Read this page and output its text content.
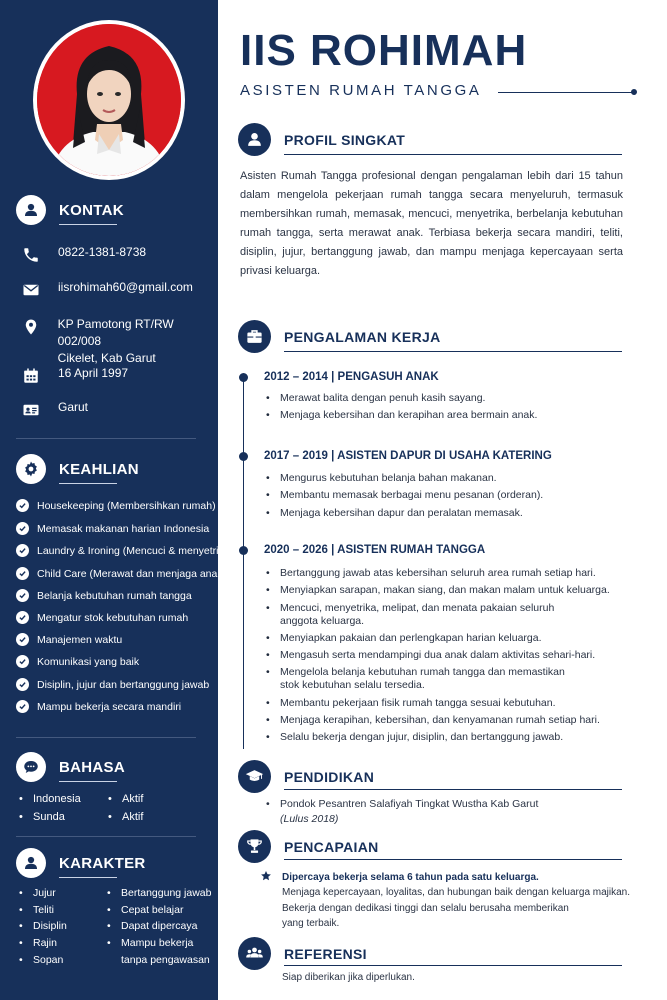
KONTAK
0822-1381-8738
iisrohimah60@gmail.com
KP Pamotong RT/RW 002/008
Cikelet, Kab Garut
16 April 1997
Garut
KEAHLIAN
Housekeeping (Membersihkan rumah)
Memasak makanan harian Indonesia
Laundry & Ironing (Mencuci & menyetrika)
Child Care (Merawat dan menjaga anak)
Belanja kebutuhan rumah tangga
Mengatur stok kebutuhan rumah
Manajemen waktu
Komunikasi yang baik
Disiplin, jujur dan bertanggung jawab
Mampu bekerja secara mandiri
BAHASA
• Indonesia	• Aktif
• Sunda	• Aktif
KARAKTER
• Jujur
• Teliti
• Disiplin
• Rajin
• Sopan
• Bertanggung jawab
• Cepat belajar
• Dapat dipercaya
• Mampu bekerja
tanpa pengawasan
IIS ROHIMAH
ASISTEN RUMAH TANGGA
PROFIL SINGKAT
Asisten Rumah Tangga profesional dengan pengalaman lebih dari 15 tahun dalam mengelola pekerjaan rumah tangga secara menyeluruh, termasuk membersihkan rumah, memasak, mencuci, menyetrika, berbelanja kebutuhan rumah tangga, serta merawat anak. Terbiasa bekerja secara mandiri, teliti, disiplin, jujur, bertanggung jawab, dan mampu menjaga kepercayaan serta privasi keluarga.
PENGALAMAN KERJA
2012 – 2014 | PENGASUH ANAK
• Merawat balita dengan penuh kasih sayang.
• Menjaga kebersihan dan kerapihan area bermain anak.
2017 – 2019 | ASISTEN DAPUR DI USAHA KATERING
• Mengurus kebutuhan belanja bahan makanan.
• Membantu memasak berbagai menu pesanan (orderan).
• Menjaga kebersihan dapur dan peralatan memasak.
2020 – 2026 | ASISTEN RUMAH TANGGA
• Bertanggung jawab atas kebersihan seluruh area rumah setiap hari.
• Menyiapkan sarapan, makan siang, dan makan malam untuk keluarga.
• Mencuci, menyetrika, melipat, dan menata pakaian seluruh anggota keluarga.
• Menyiapkan pakaian dan perlengkapan harian keluarga.
• Mengasuh serta mendampingi dua anak dalam aktivitas sehari-hari.
• Mengelola belanja kebutuhan rumah tangga dan memastikan stok kebutuhan selalu tersedia.
• Membantu pekerjaan fisik rumah tangga sesuai kebutuhan.
• Menjaga kerapihan, kebersihan, dan kenyamanan rumah setiap hari.
• Selalu bekerja dengan jujur, disiplin, dan bertanggung jawab.
PENDIDIKAN
• Pondok Pesantren Salafiyah Tingkat Wustha Kab Garut
(Lulus 2018)
PENCAPAIAN
Dipercaya bekerja selama 6 tahun pada satu keluarga.
Menjaga kepercayaan, loyalitas, dan hubungan baik dengan keluarga majikan.
Bekerja dengan dedikasi tinggi dan selalu berusaha memberikan
yang terbaik.
REFERENSI
Siap diberikan jika diperlukan.
